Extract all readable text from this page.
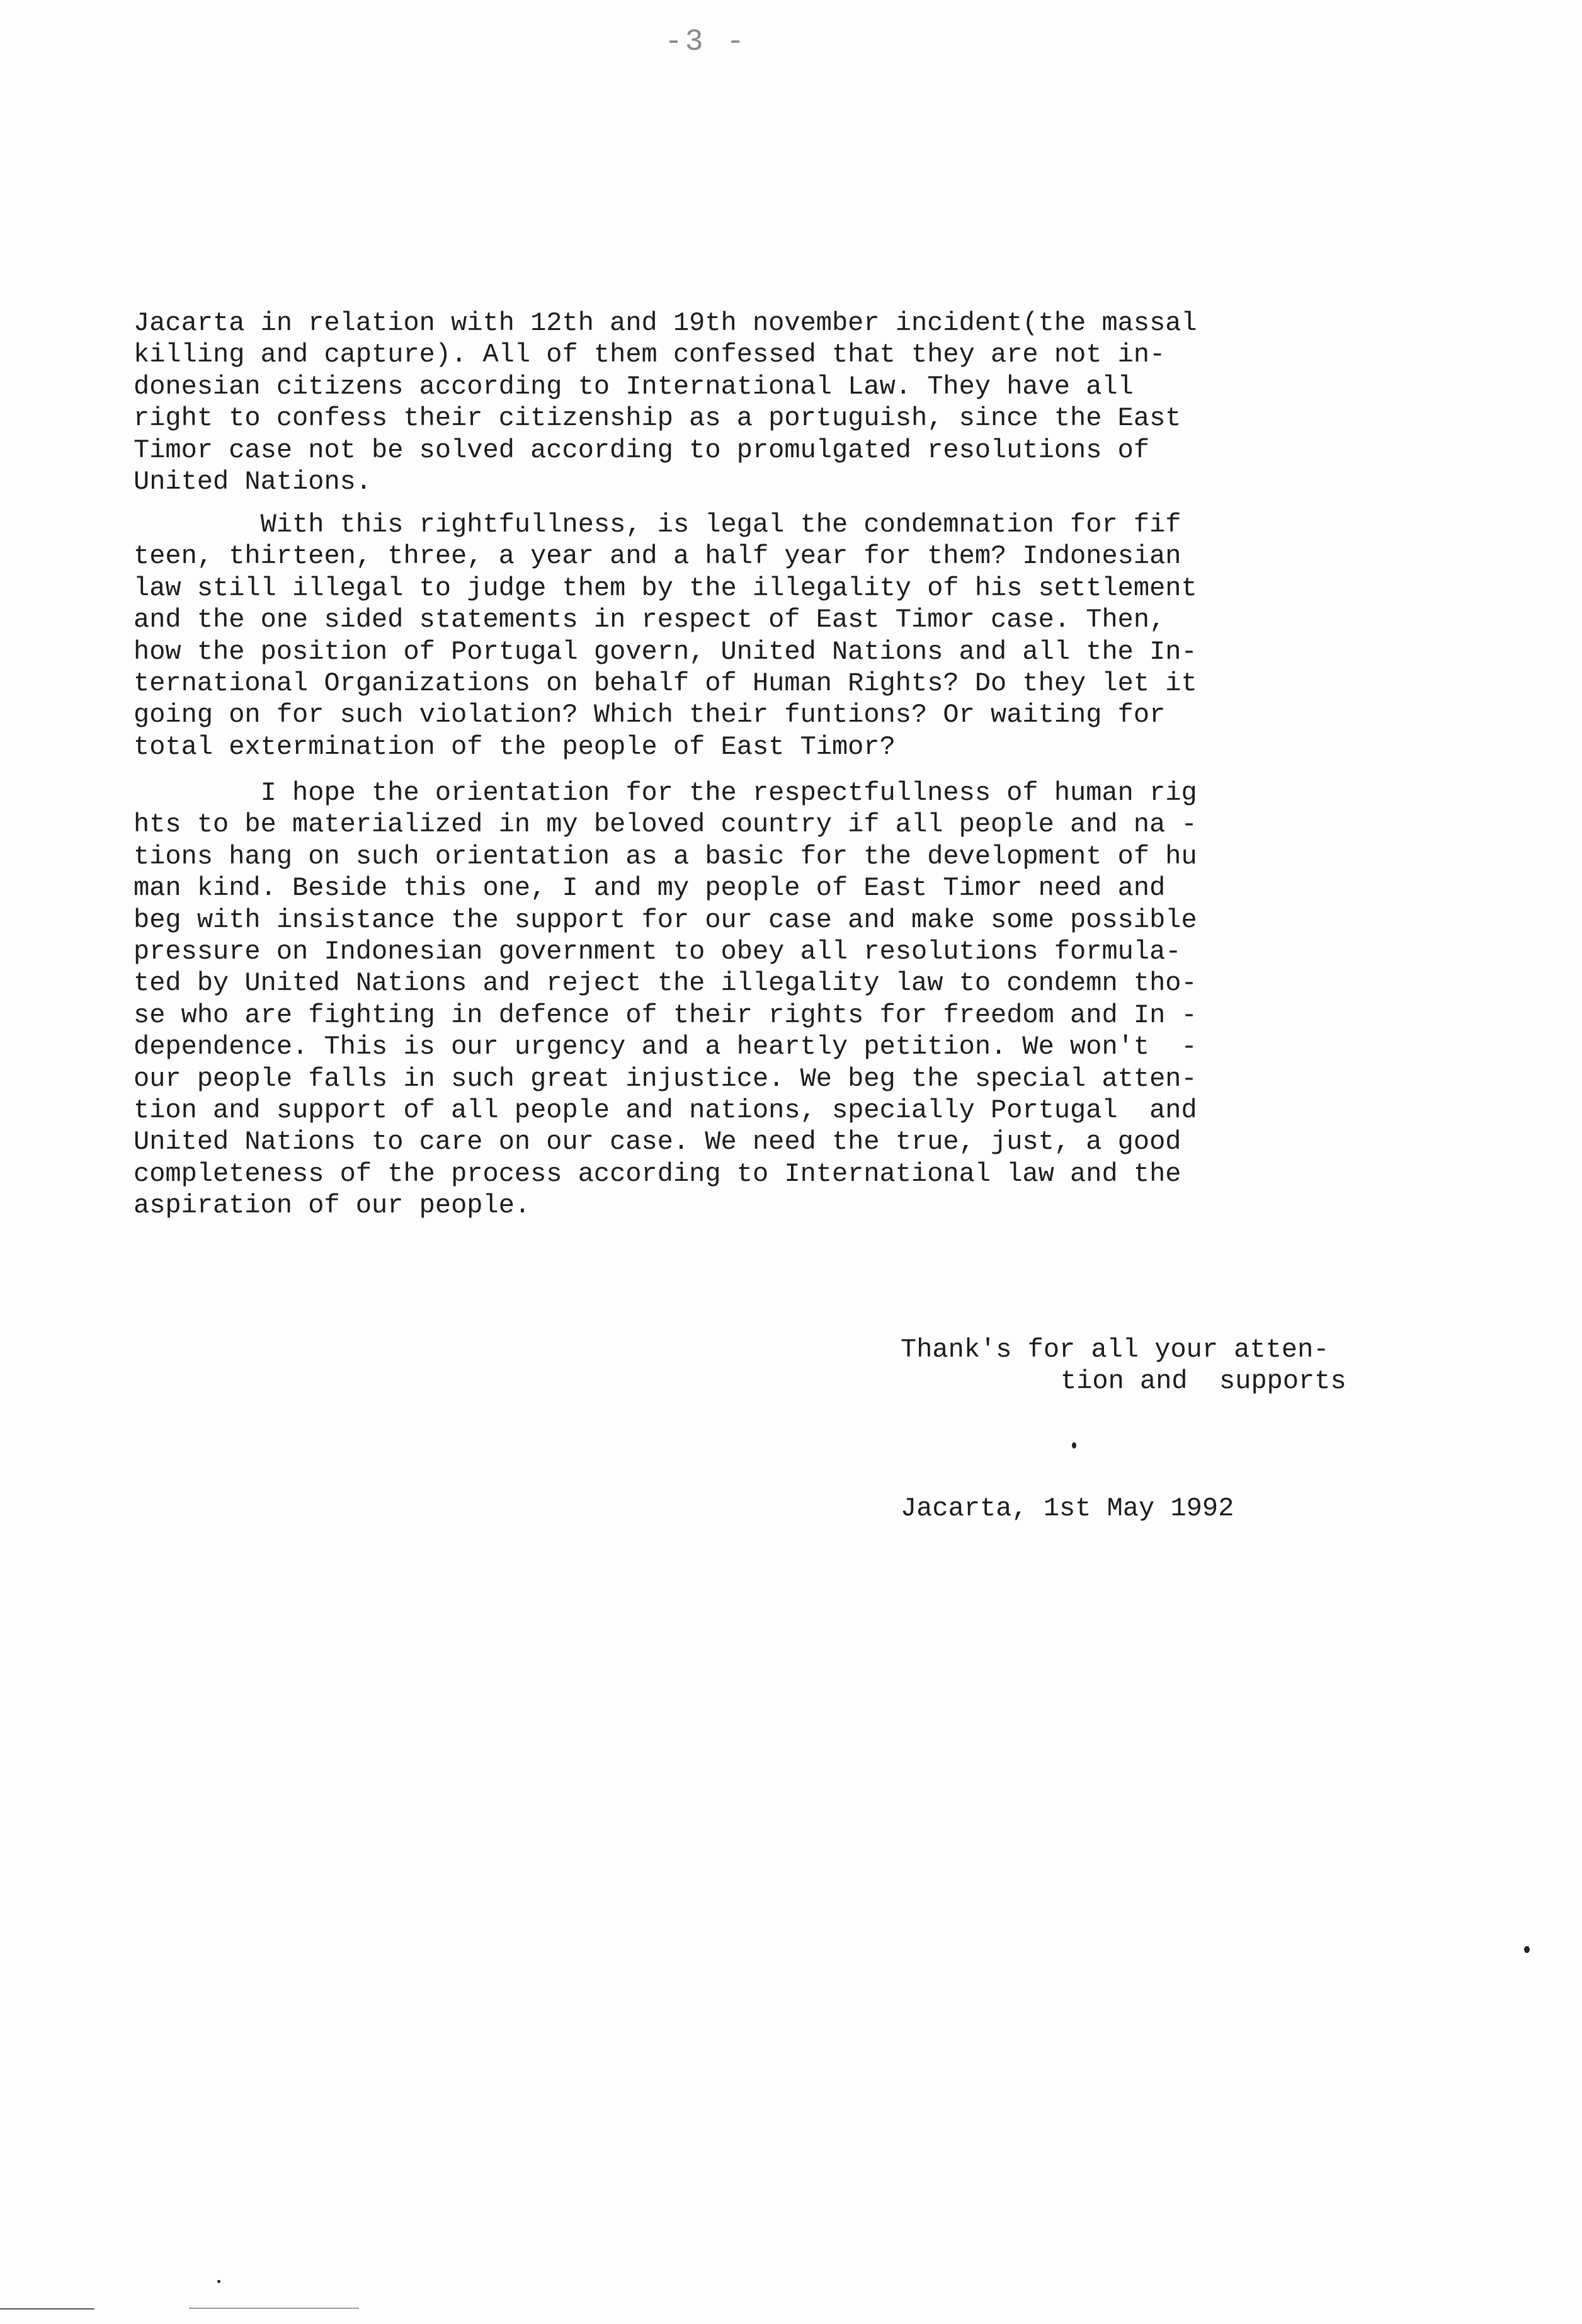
-3 -
Jacarta in relation with 12th and 19th november incident(the massal
killing and capture). All of them confessed that they are not in-
donesian citizens according to International Law. They have all
right to confess their citizenship as a portuguish, since the East
Timor case not be solved according to promulgated resolutions of
United Nations.
With this rightfullness, is legal the condemnation for fif
teen, thirteen, three, a year and a half year for them? Indonesian
law still illegal to judge them by the illegality of his settlement
and the one sided statements in respect of East Timor case. Then,
how the position of Portugal govern, United Nations and all the In-
ternational Organizations on behalf of Human Rights? Do they let it
going on for such violation? Which their funtions? Or waiting for
total extermination of the people of East Timor?
I hope the orientation for the respectfullness of human rig
hts to be materialized in my beloved country if all people and na -
tions hang on such orientation as a basic for the development of hu
man kind. Beside this one, I and my people of East Timor need and
beg with insistance the support for our case and make some possible
pressure on Indonesian government to obey all resolutions formula-
ted by United Nations and reject the illegality law to condemn tho-
se who are fighting in defence of their rights for freedom and In -
dependence. This is our urgency and a heartly petition. We won't  -
our people falls in such great injustice. We beg the special atten-
tion and support of all people and nations, specially Portugal  and
United Nations to care on our case. We need the true, just, a good
completeness of the process according to International law and the
aspiration of our people.
Thank's for all your atten-
tion and  supports
Jacarta, 1st May 1992
